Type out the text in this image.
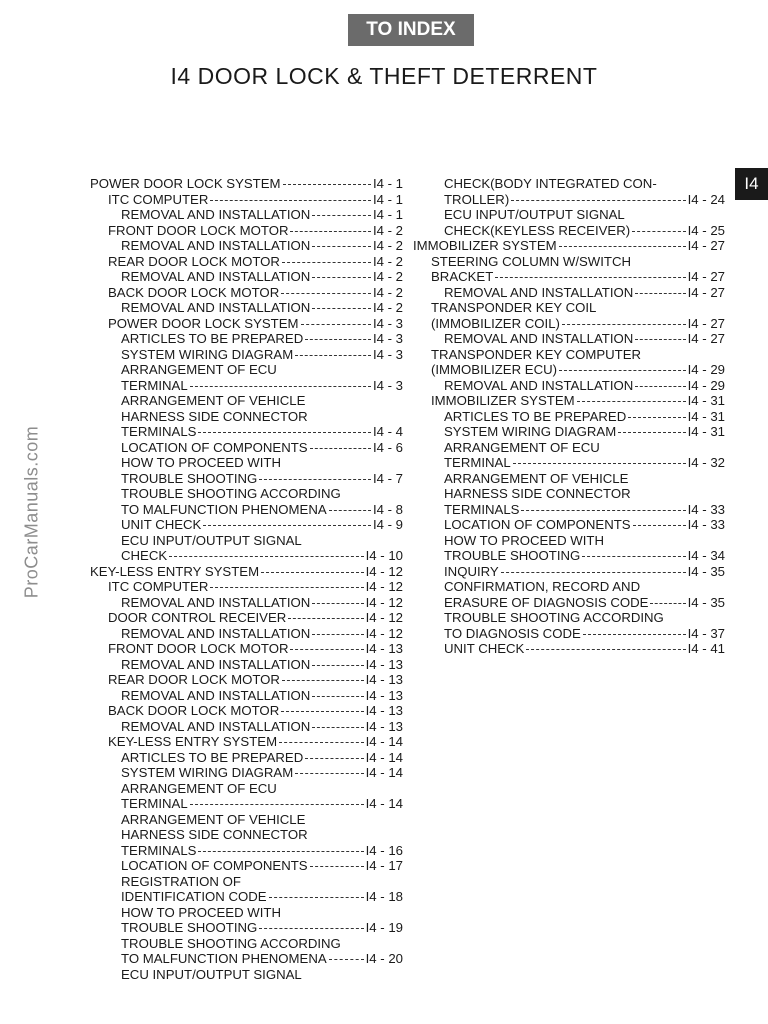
TO INDEX
I4 DOOR LOCK & THEFT DETERRENT
I4
ProCarManuals.com
POWER DOOR LOCK SYSTEM	I4 - 1
ITC COMPUTER	I4 - 1
REMOVAL AND INSTALLATION	I4 - 1
FRONT DOOR LOCK MOTOR	I4 - 2
REMOVAL AND INSTALLATION	I4 - 2
REAR DOOR LOCK MOTOR	I4 - 2
REMOVAL AND INSTALLATION	I4 - 2
BACK DOOR LOCK MOTOR	I4 - 2
REMOVAL AND INSTALLATION	I4 - 2
POWER DOOR LOCK SYSTEM	I4 - 3
ARTICLES TO BE PREPARED	I4 - 3
SYSTEM WIRING DIAGRAM	I4 - 3
ARRANGEMENT OF ECU
TERMINAL	I4 - 3
ARRANGEMENT OF VEHICLE
HARNESS SIDE CONNECTOR
TERMINALS	I4 - 4
LOCATION OF COMPONENTS	I4 - 6
HOW TO PROCEED WITH
TROUBLE SHOOTING	I4 - 7
TROUBLE SHOOTING ACCORDING
TO MALFUNCTION PHENOMENA	I4 - 8
UNIT CHECK	I4 - 9
ECU INPUT/OUTPUT SIGNAL
CHECK	I4 - 10
KEY-LESS ENTRY SYSTEM	I4 - 12
ITC COMPUTER	I4 - 12
REMOVAL AND INSTALLATION	I4 - 12
DOOR CONTROL RECEIVER	I4 - 12
REMOVAL AND INSTALLATION	I4 - 12
FRONT DOOR LOCK MOTOR	I4 - 13
REMOVAL AND INSTALLATION	I4 - 13
REAR DOOR LOCK MOTOR	I4 - 13
REMOVAL AND INSTALLATION	I4 - 13
BACK DOOR LOCK MOTOR	I4 - 13
REMOVAL AND INSTALLATION	I4 - 13
KEY-LESS ENTRY SYSTEM	I4 - 14
ARTICLES TO BE PREPARED	I4 - 14
SYSTEM WIRING DIAGRAM	I4 - 14
ARRANGEMENT OF ECU
TERMINAL	I4 - 14
ARRANGEMENT OF VEHICLE
HARNESS SIDE CONNECTOR
TERMINALS	I4 - 16
LOCATION OF COMPONENTS	I4 - 17
REGISTRATION OF
IDENTIFICATION CODE	I4 - 18
HOW TO PROCEED WITH
TROUBLE SHOOTING	I4 - 19
TROUBLE SHOOTING ACCORDING
TO MALFUNCTION PHENOMENA	I4 - 20
ECU INPUT/OUTPUT SIGNAL
CHECK(BODY INTEGRATED CON-
TROLLER)	I4 - 24
ECU INPUT/OUTPUT SIGNAL
CHECK(KEYLESS RECEIVER)	I4 - 25
IMMOBILIZER SYSTEM	I4 - 27
STEERING COLUMN W/SWITCH
BRACKET	I4 - 27
REMOVAL AND INSTALLATION	I4 - 27
TRANSPONDER KEY COIL
(IMMOBILIZER COIL)	I4 - 27
REMOVAL AND INSTALLATION	I4 - 27
TRANSPONDER KEY COMPUTER
(IMMOBILIZER ECU)	I4 - 29
REMOVAL AND INSTALLATION	I4 - 29
IMMOBILIZER SYSTEM	I4 - 31
ARTICLES TO BE PREPARED	I4 - 31
SYSTEM WIRING DIAGRAM	I4 - 31
ARRANGEMENT OF ECU
TERMINAL	I4 - 32
ARRANGEMENT OF VEHICLE
HARNESS SIDE CONNECTOR
TERMINALS	I4 - 33
LOCATION OF COMPONENTS	I4 - 33
HOW TO PROCEED WITH
TROUBLE SHOOTING	I4 - 34
INQUIRY	I4 - 35
CONFIRMATION, RECORD AND
ERASURE OF DIAGNOSIS CODE	I4 - 35
TROUBLE SHOOTING ACCORDING
TO DIAGNOSIS CODE	I4 - 37
UNIT CHECK	I4 - 41
